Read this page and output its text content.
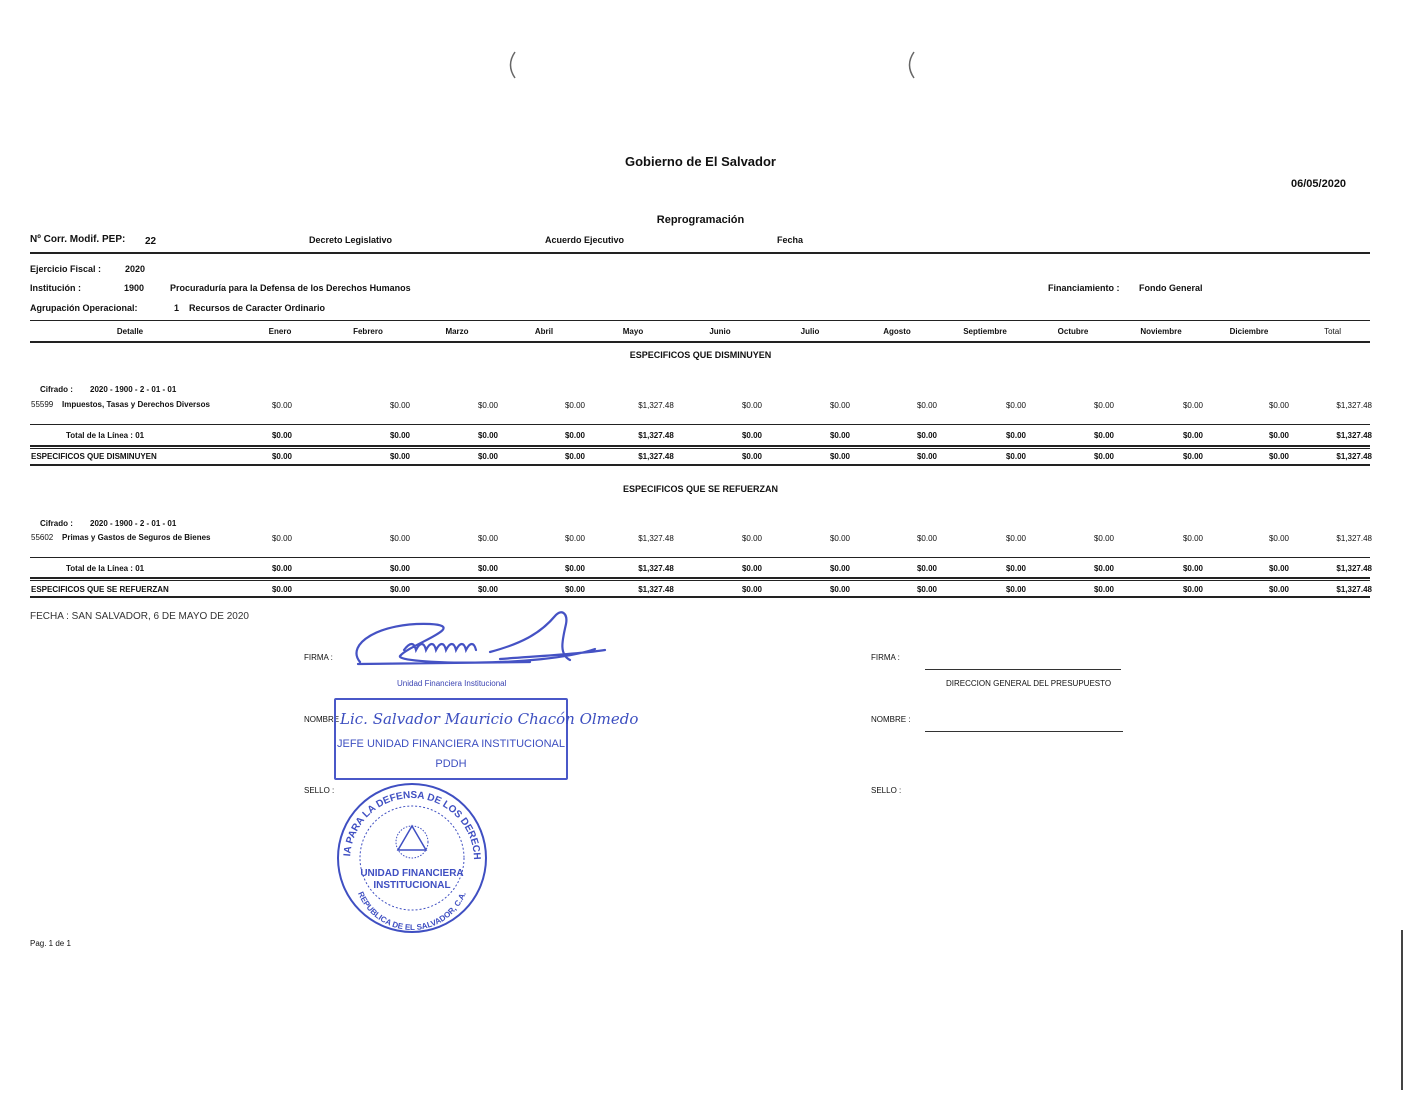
Gobierno de El Salvador
06/05/2020
Reprogramación
Nº Corr. Modif. PEP: 22	Decreto Legislativo	Acuerdo Ejecutivo	Fecha
Ejercicio Fiscal :	2020
Institución :	1900	Procuraduría para la Defensa de los Derechos Humanos	Financiamiento : Fondo General
Agrupación Operacional:	1 Recursos de Caracter Ordinario
Detalle	Enero	Febrero	Marzo	Abril	Mayo	Junio	Julio	Agosto	Septiembre	Octubre	Noviembre	Diciembre	Total
ESPECIFICOS QUE DISMINUYEN
Cifrado : 2020 - 1900 - 2 - 01 - 01
55599 Impuestos, Tasas y Derechos Diversos	$0.00	$0.00	$0.00	$0.00	$1,327.48	$0.00	$0.00	$0.00	$0.00	$0.00	$0.00	$0.00	$1,327.48
Total de la Línea : 01	$0.00	$0.00	$0.00	$0.00	$1,327.48	$0.00	$0.00	$0.00	$0.00	$0.00	$0.00	$0.00	$1,327.48
ESPECIFICOS QUE DISMINUYEN	$0.00	$0.00	$0.00	$0.00	$1,327.48	$0.00	$0.00	$0.00	$0.00	$0.00	$0.00	$0.00	$1,327.48
ESPECIFICOS QUE SE REFUERZAN
Cifrado : 2020 - 1900 - 2 - 01 - 01
55602 Primas y Gastos de Seguros de Bienes	$0.00	$0.00	$0.00	$0.00	$1,327.48	$0.00	$0.00	$0.00	$0.00	$0.00	$0.00	$0.00	$1,327.48
Total de la Línea : 01	$0.00	$0.00	$0.00	$0.00	$1,327.48	$0.00	$0.00	$0.00	$0.00	$0.00	$0.00	$0.00	$1,327.48
ESPECIFICOS QUE SE REFUERZAN	$0.00	$0.00	$0.00	$0.00	$1,327.48	$0.00	$0.00	$0.00	$0.00	$0.00	$0.00	$0.00	$1,327.48
FECHA : SAN SALVADOR, 6 DE MAYO DE 2020
FIRMA :
Unidad Financiera Institucional
NOMBRE :
Lic. Salvador Mauricio Chacón Olmedo
JEFE UNIDAD FINANCIERA INSTITUCIONAL
PDDH
SELLO :
IA PARA LA DEFENSA DE LOS DERECH
REPUBLICA DE EL SALVADOR, C.A.
UNIDAD FINANCIERA
INSTITUCIONAL
FIRMA :
DIRECCION GENERAL DEL PRESUPUESTO
NOMBRE :
SELLO :
Pag. 1 de 1
